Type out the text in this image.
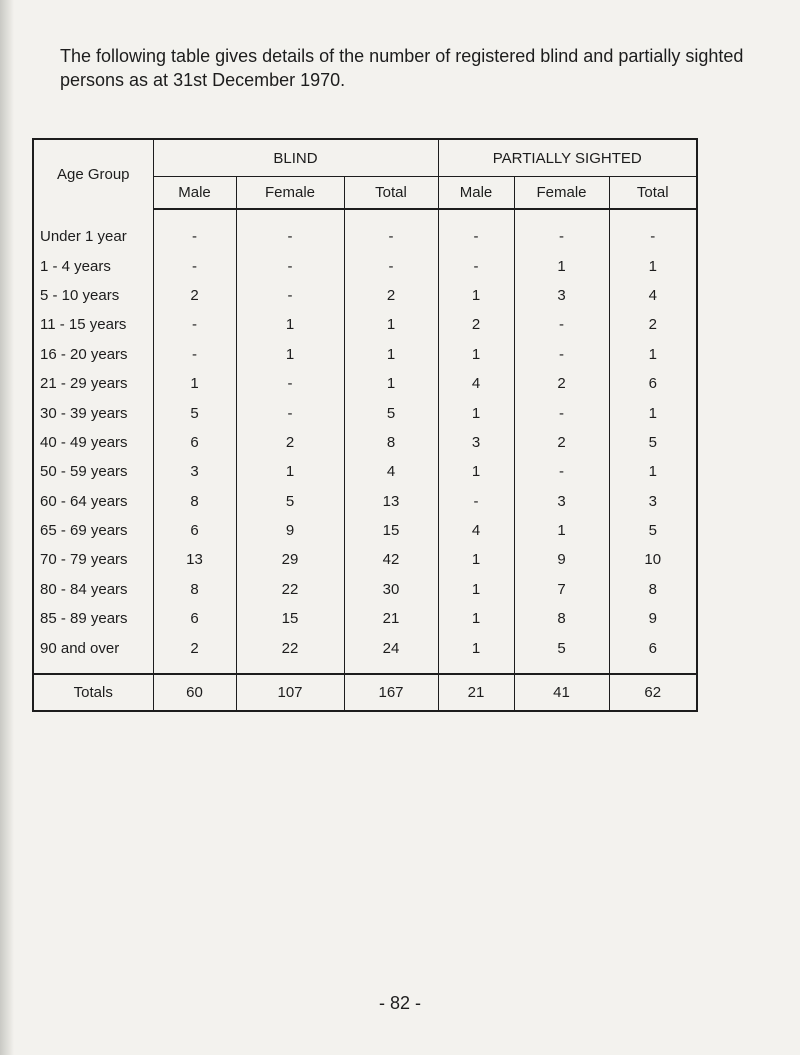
The following table gives details of the number of registered blind and partially sighted persons as at 31st December 1970.

Age Group	BLIND			PARTIALLY SIGHTED		
	Male	Female	Total	Male	Female	Total

Under 1 year	-	-	-	-	-	-
1 - 4 years	-	-	-	-	1	1
5 - 10 years	2	-	2	1	3	4
11 - 15 years	-	1	1	2	-	2
16 - 20 years	-	1	1	1	-	1
21 - 29 years	1	-	1	4	2	6
30 - 39 years	5	-	5	1	-	1
40 - 49 years	6	2	8	3	2	5
50 - 59 years	3	1	4	1	-	1
60 - 64 years	8	5	13	-	3	3
65 - 69 years	6	9	15	4	1	5
70 - 79 years	13	29	42	1	9	10
80 - 84 years	8	22	30	1	7	8
85 - 89 years	6	15	21	1	8	9
90 and over	2	22	24	1	5	6

Totals	60	107	167	21	41	62
- 82 -
